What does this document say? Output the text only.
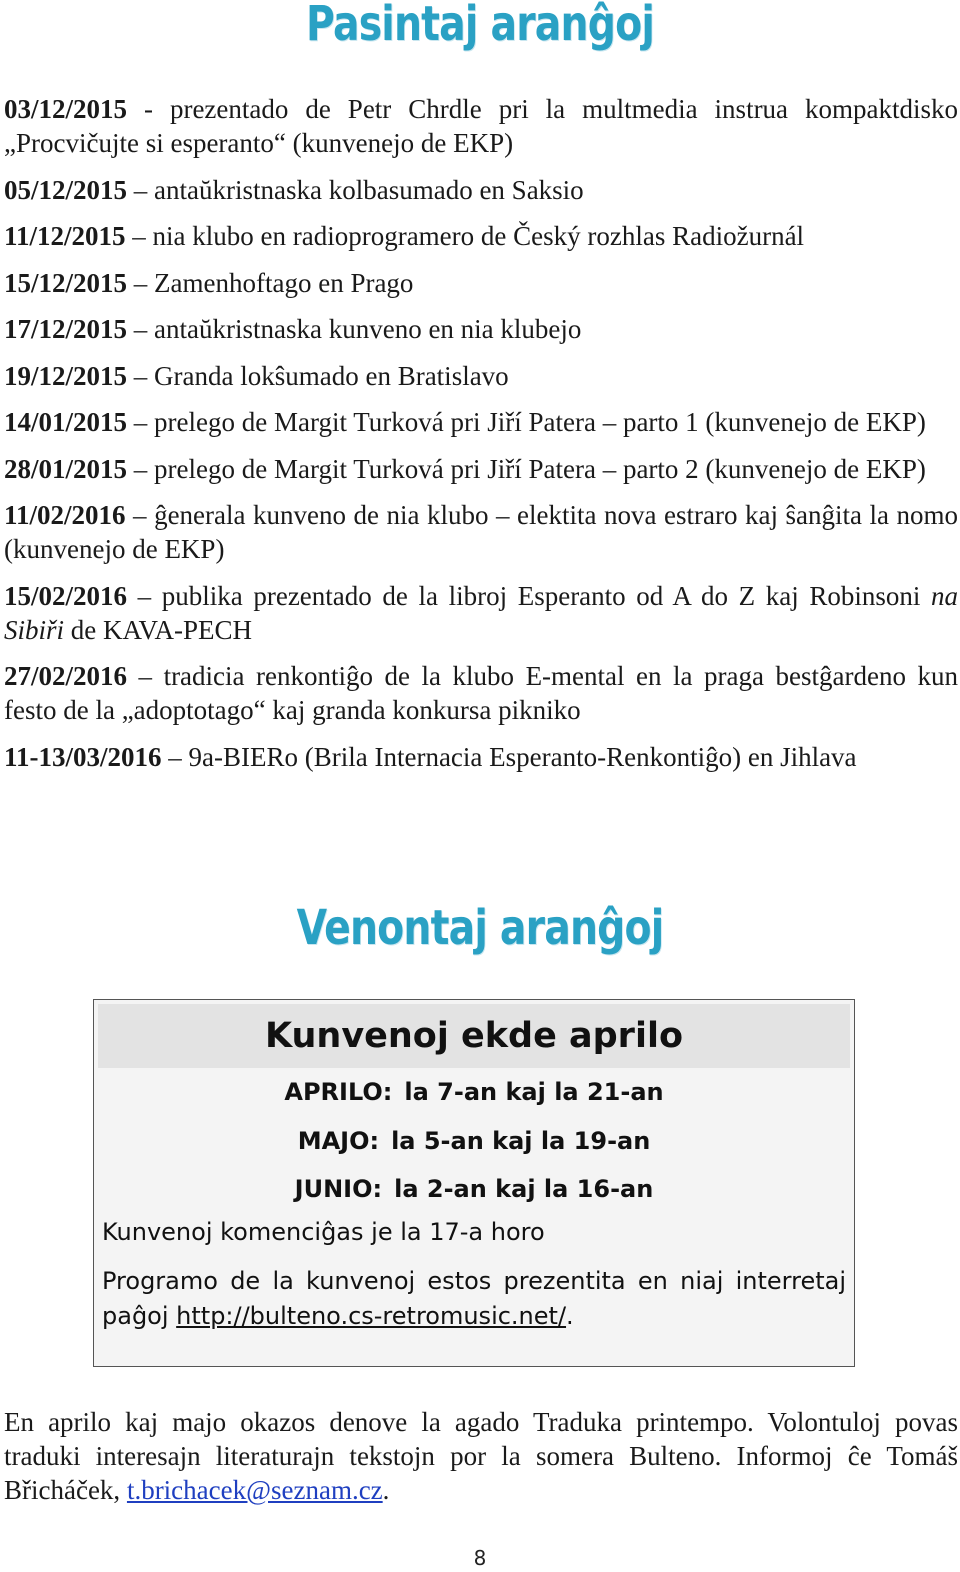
Pasintaj aranĝoj
03/12/2015 - prezentado de Petr Chrdle pri la multmedia instrua kompaktdisko „Procvičujte si esperanto“ (kunvenejo de EKP)
05/12/2015 – antaŭkristnaska kolbasumado en Saksio
11/12/2015 – nia klubo en radioprogramero de Český rozhlas Radiožurnál
15/12/2015 – Zamenhoftago en Prago
17/12/2015 – antaŭkristnaska kunveno en nia klubejo
19/12/2015 – Granda lokŝumado en Bratislavo
14/01/2015 – prelego de Margit Turková pri Jiří Patera – parto 1 (kunvenejo de EKP)
28/01/2015 – prelego de Margit Turková pri Jiří Patera – parto 2 (kunvenejo de EKP)
11/02/2016 – ĝenerala kunveno de nia klubo – elektita nova estraro kaj ŝanĝita la nomo (kunvenejo de EKP)
15/02/2016 – publika prezentado de la libroj Esperanto od A do Z kaj Robinsoni na Sibiři de KAVA-PECH
27/02/2016 – tradicia renkontiĝo de la klubo E-mental en la praga bestĝardeno kun festo de la „adoptotago“ kaj granda konkursa pikniko
11-13/03/2016 – 9a-BIERo (Brila Internacia Esperanto-Renkontiĝo) en Jihlava
Venontaj aranĝoj
Kunvenoj ekde aprilo
APRILO: la 7-an kaj la 21-an
MAJO: la 5-an kaj la 19-an
JUNIO: la 2-an kaj la 16-an
Kunvenoj komenciĝas je la 17-a horo
Programo de la kunvenoj estos prezentita en niaj interretaj paĝoj http://bulteno.cs-retromusic.net/.
En aprilo kaj majo okazos denove la agado Traduka printempo. Volontuloj povas traduki interesajn literaturajn tekstojn por la somera Bulteno. Informoj ĉe Tomáš Břicháček, t.brichacek@seznam.cz.
8
